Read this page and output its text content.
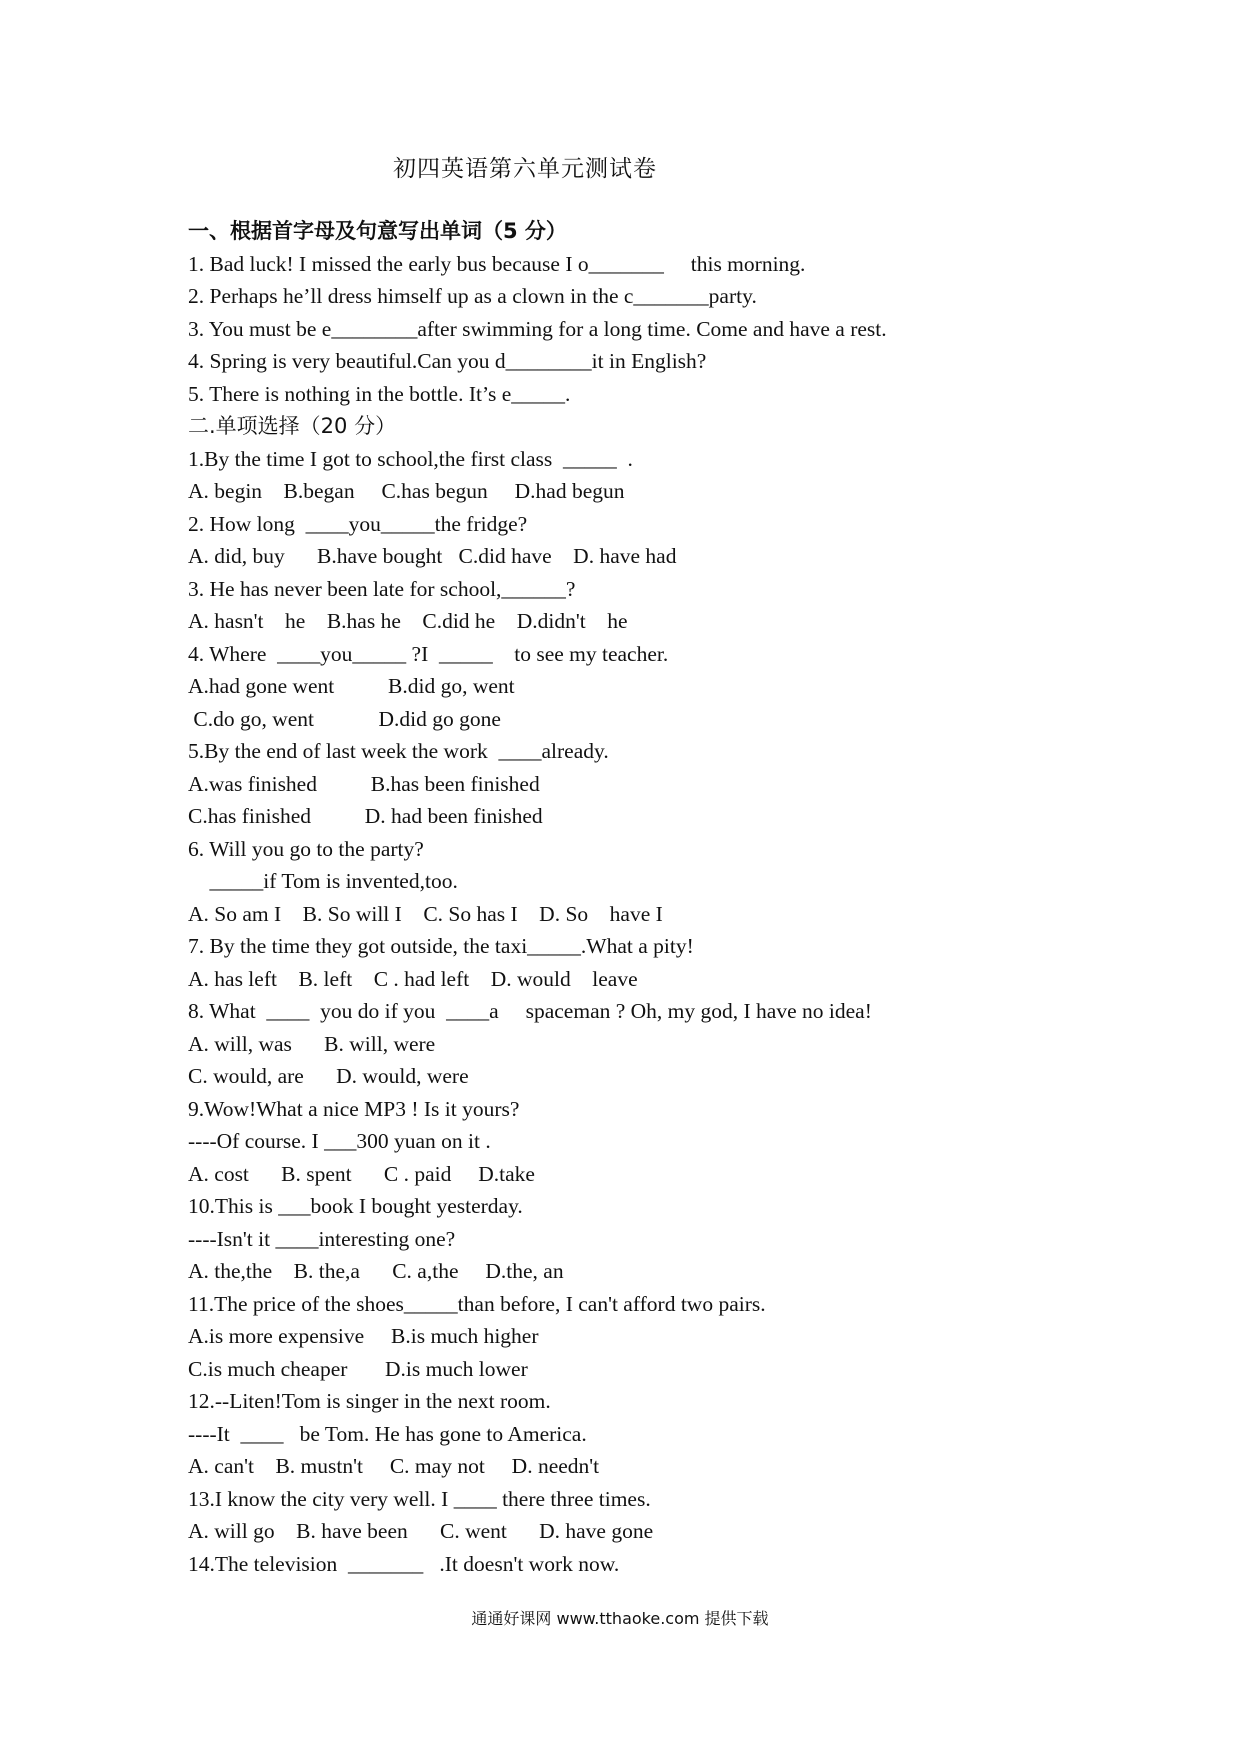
初四英语第六单元测试卷
一、根据首字母及句意写出单词（5 分）
1. Bad luck! I missed the early bus because I o_______     this morning.
2. Perhaps he’ll dress himself up as a clown in the c_______party.
3. You must be e________after swimming for a long time. Come and have a rest.
4. Spring is very beautiful.Can you d________it in English?
5. There is nothing in the bottle. It’s e_____.
二.单项选择（20 分）
1.By the time I got to school,the first class  _____  .
A. begin    B.began     C.has begun     D.had begun
2. How long  ____you_____the fridge?
A. did, buy      B.have bought   C.did have    D. have had
3. He has never been late for school,______?
A. hasn't    he    B.has he    C.did he    D.didn't    he
4. Where  ____you_____ ?I  _____    to see my teacher.
A.had gone went          B.did go, went
C.do go, went            D.did go gone
5.By the end of last week the work  ____already.
A.was finished          B.has been finished
C.has finished          D. had been finished
6. Will you go to the party?
_____if Tom is invented,too.
A. So am I    B. So will I    C. So has I    D. So    have I
7. By the time they got outside, the taxi_____.What a pity!
A. has left    B. left    C . had left    D. would    leave
8. What  ____  you do if you  ____a     spaceman ? Oh, my god, I have no idea!
A. will, was      B. will, were
C. would, are      D. would, were
9.Wow!What a nice MP3 ! Is it yours?
----Of course. I ___300 yuan on it .
A. cost      B. spent      C . paid     D.take
10.This is ___book I bought yesterday.
----Isn't it ____interesting one?
A. the,the    B. the,a      C. a,the     D.the, an
11.The price of the shoes_____than before, I can't afford two pairs.
A.is more expensive     B.is much higher
C.is much cheaper       D.is much lower
12.--Liten!Tom is singer in the next room.
----It  ____   be Tom. He has gone to America.
A. can't    B. mustn't     C. may not     D. needn't
13.I know the city very well. I ____ there three times.
A. will go    B. have been      C. went      D. have gone
14.The television  _______   .It doesn't work now.
通通好课网 www.tthaoke.com 提供下载
